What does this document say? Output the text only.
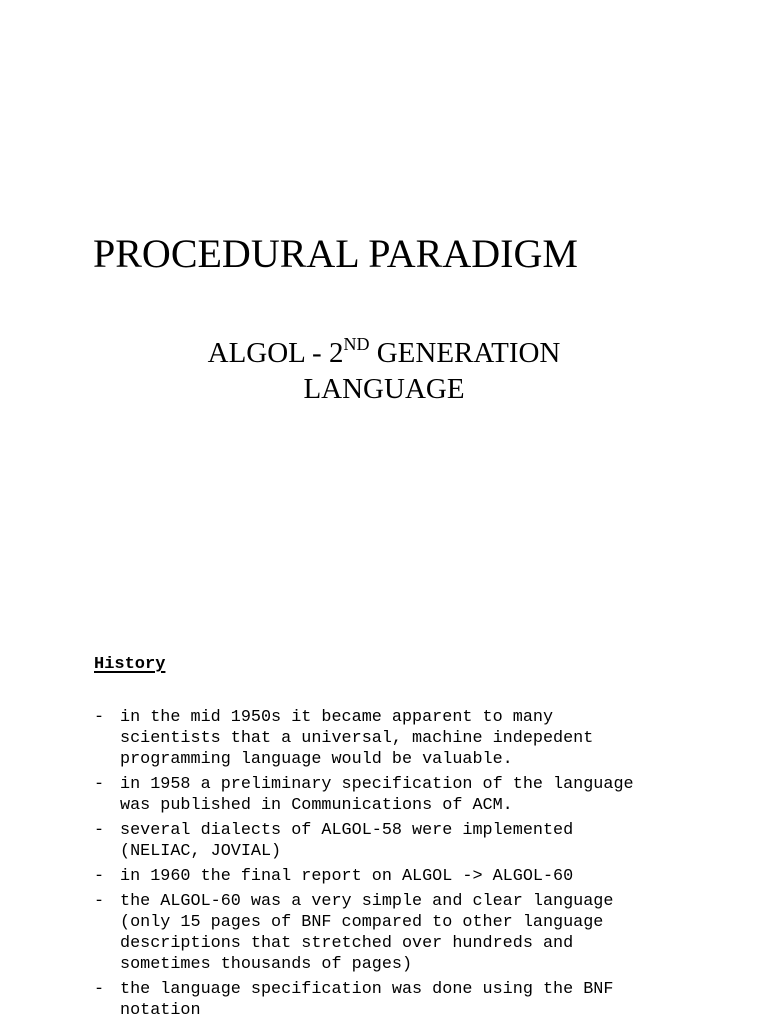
PROCEDURAL PARADIGM
ALGOL - 2ND GENERATION
LANGUAGE
History
- in the mid 1950s it became apparent to many
scientists that a universal, machine indepedent
programming language would be valuable.
- in 1958 a preliminary specification of the language
was published in Communications of ACM.
- several dialects of ALGOL-58 were implemented
(NELIAC, JOVIAL)
- in 1960 the final report on ALGOL -> ALGOL-60
- the ALGOL-60 was a very simple and clear language
(only 15 pages of BNF compared to other language
descriptions that stretched over hundreds and
sometimes thousands of pages)
- the language specification was done using the BNF
notation
